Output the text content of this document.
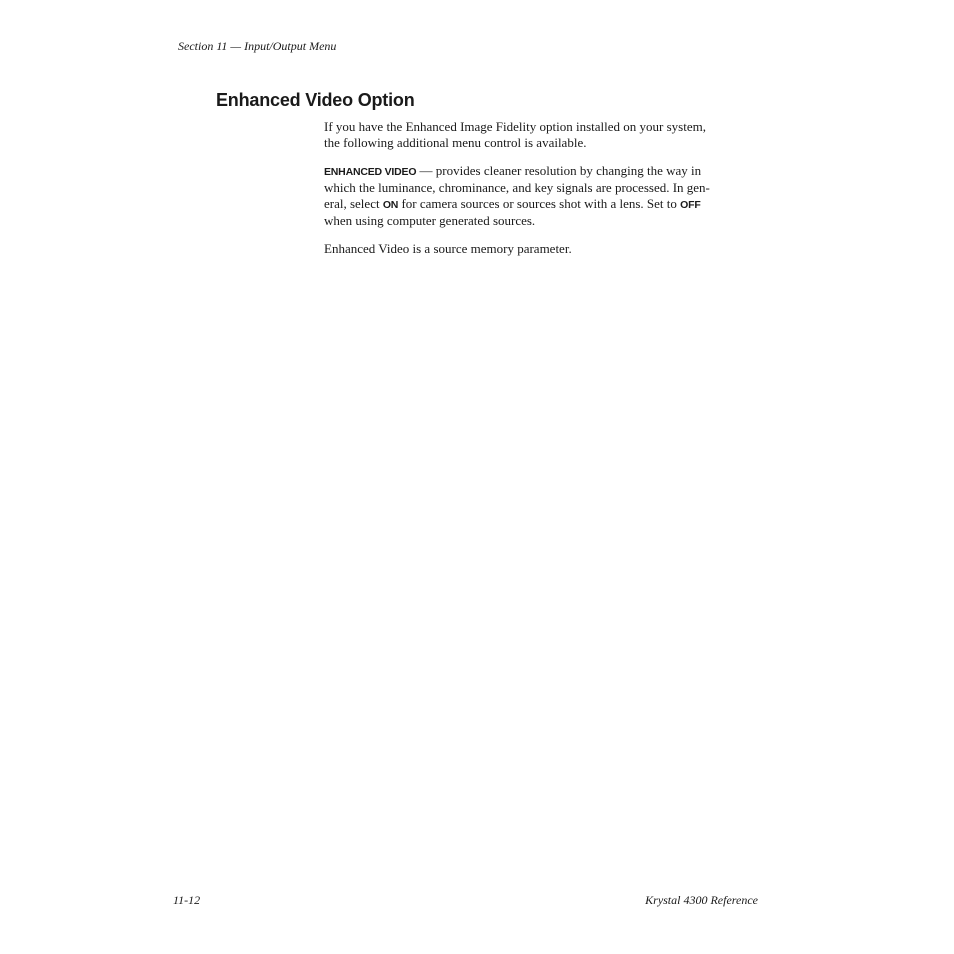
Section 11 — Input/Output Menu
Enhanced Video Option

If you have the Enhanced Image Fidelity option installed on your system,
the following additional menu control is available.

ENHANCED VIDEO — provides cleaner resolution by changing the way in
which the luminance, chrominance, and key signals are processed. In gen-
eral, select ON for camera sources or sources shot with a lens. Set to OFF
when using computer generated sources.

Enhanced Video is a source memory parameter.

11-12	Krystal 4300 Reference
